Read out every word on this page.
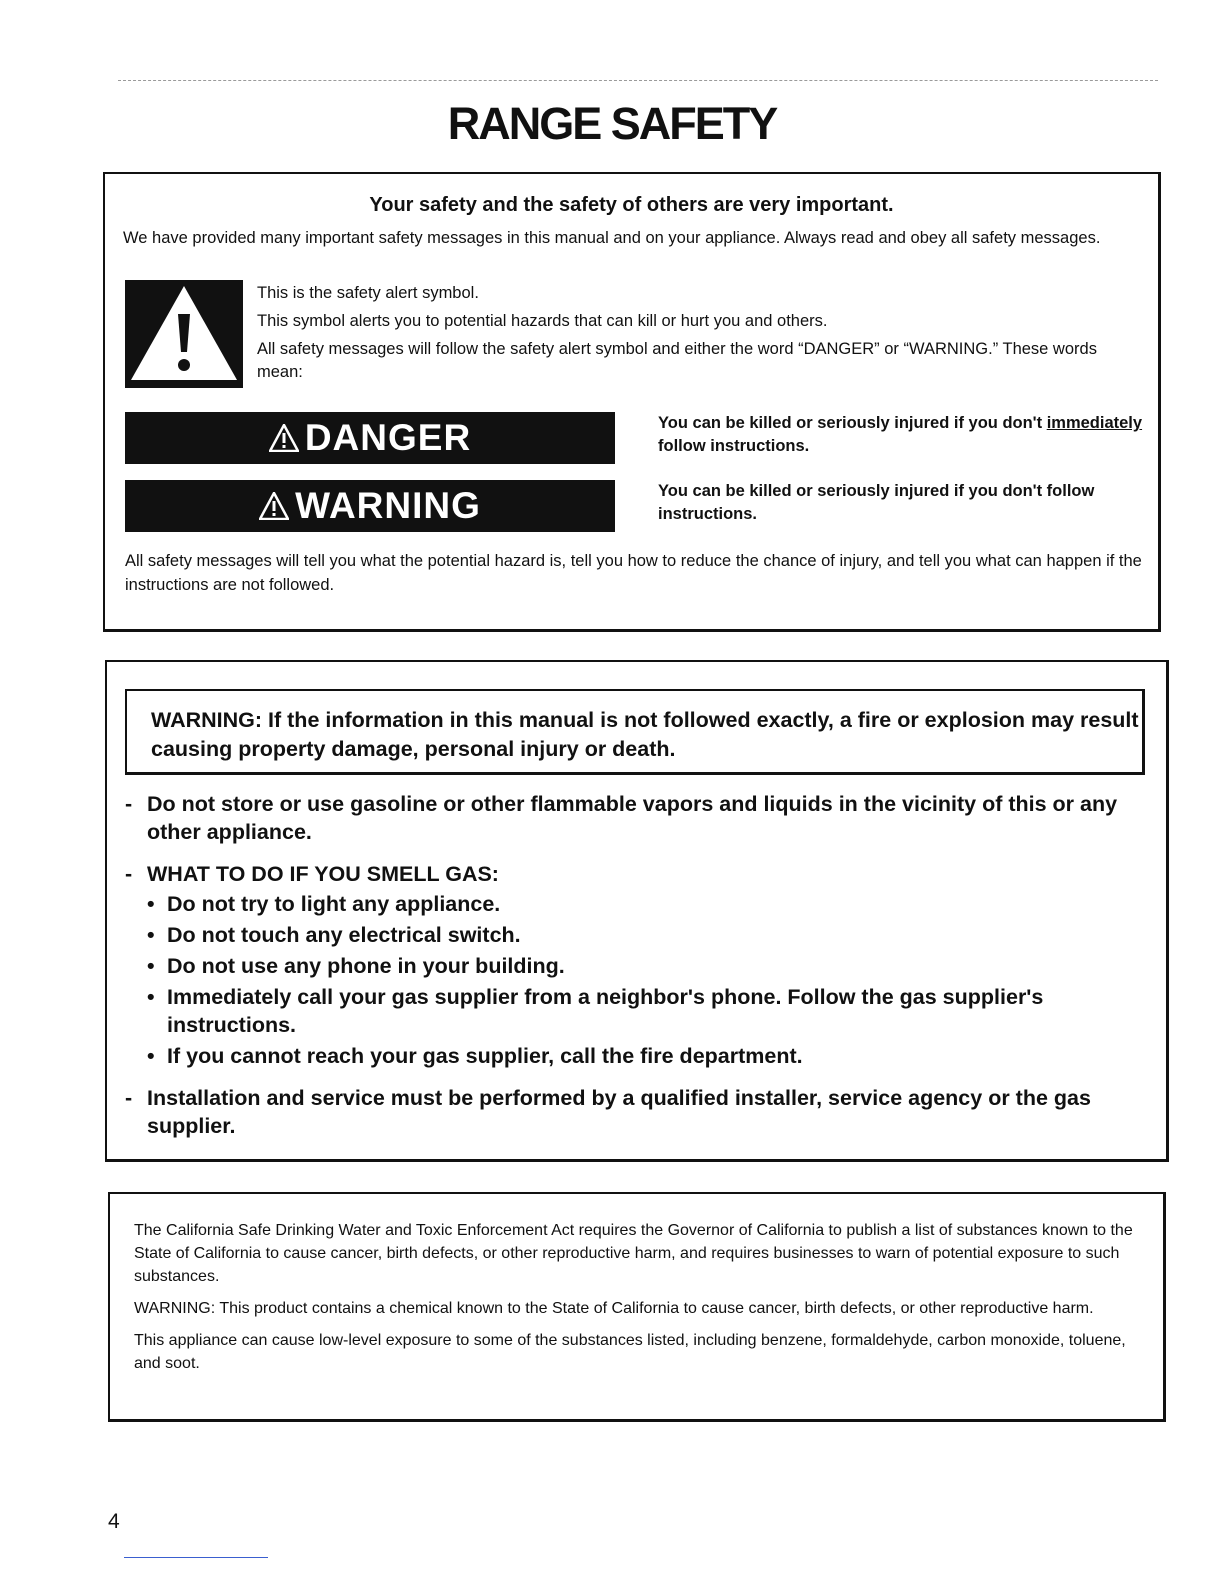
RANGE SAFETY
Your safety and the safety of others are very important.
We have provided many important safety messages in this manual and on your appliance. Always read and obey all safety messages.

This is the safety alert symbol.

This symbol alerts you to potential hazards that can kill or hurt you and others.

All safety messages will follow the safety alert symbol and either the word “DANGER” or “WARNING.” These words mean:

DANGER	You can be killed or seriously injured if you don't immediately follow instructions.
WARNING	You can be killed or seriously injured if you don't follow instructions.
All safety messages will tell you what the potential hazard is, tell you how to reduce the chance of injury, and tell you what can happen if the instructions are not followed.
WARNING: If the information in this manual is not followed exactly, a fire or explosion may result causing property damage, personal injury or death.
- Do not store or use gasoline or other flammable vapors and liquids in the vicinity of this or any other appliance.
- WHAT TO DO IF YOU SMELL GAS:
• Do not try to light any appliance.
• Do not touch any electrical switch.
• Do not use any phone in your building.
• Immediately call your gas supplier from a neighbor's phone. Follow the gas supplier's instructions.
• If you cannot reach your gas supplier, call the fire department.
- Installation and service must be performed by a qualified installer, service agency or the gas supplier.

The California Safe Drinking Water and Toxic Enforcement Act requires the Governor of California to publish a list of substances known to the State of California to cause cancer, birth defects, or other reproductive harm, and requires businesses to warn of potential exposure to such substances.

WARNING: This product contains a chemical known to the State of California to cause cancer, birth defects, or other reproductive harm.

This appliance can cause low-level exposure to some of the substances listed, including benzene, formaldehyde, carbon monoxide, toluene, and soot.

4
